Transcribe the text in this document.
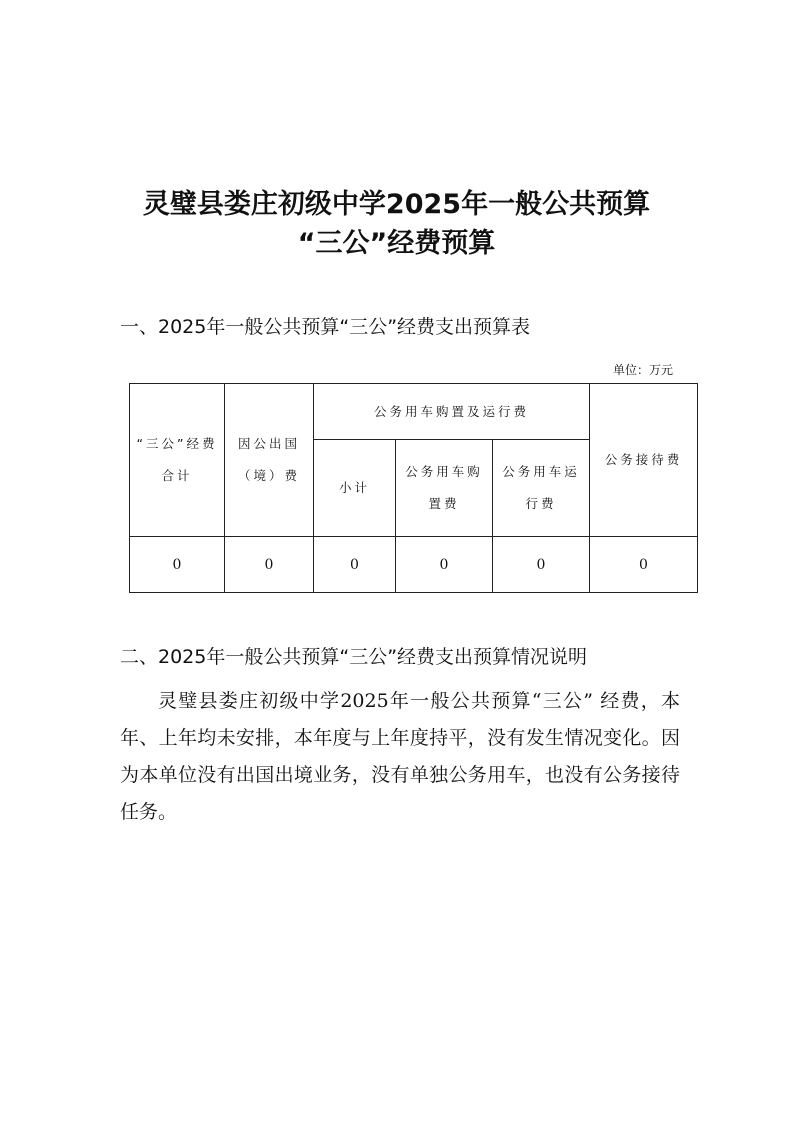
灵璧县娄庄初级中学2025年一般公共预算
“三公”经费预算
一、2025年一般公共预算“三公”经费支出预算表
单位：万元
“三公”经费合计	因公出国（境）费	公务用车购置及运行费			公务接待费
		小计	公务用车购置费	公务用车运行费	
0	0	0	0	0	0
二、2025年一般公共预算“三公”经费支出预算情况说明
灵璧县娄庄初级中学2025年一般公共预算“三公” 经费，本年、上年均未安排，本年度与上年度持平，没有发生情况变化。因为本单位没有出国出境业务，没有单独公务用车，也没有公务接待任务。
